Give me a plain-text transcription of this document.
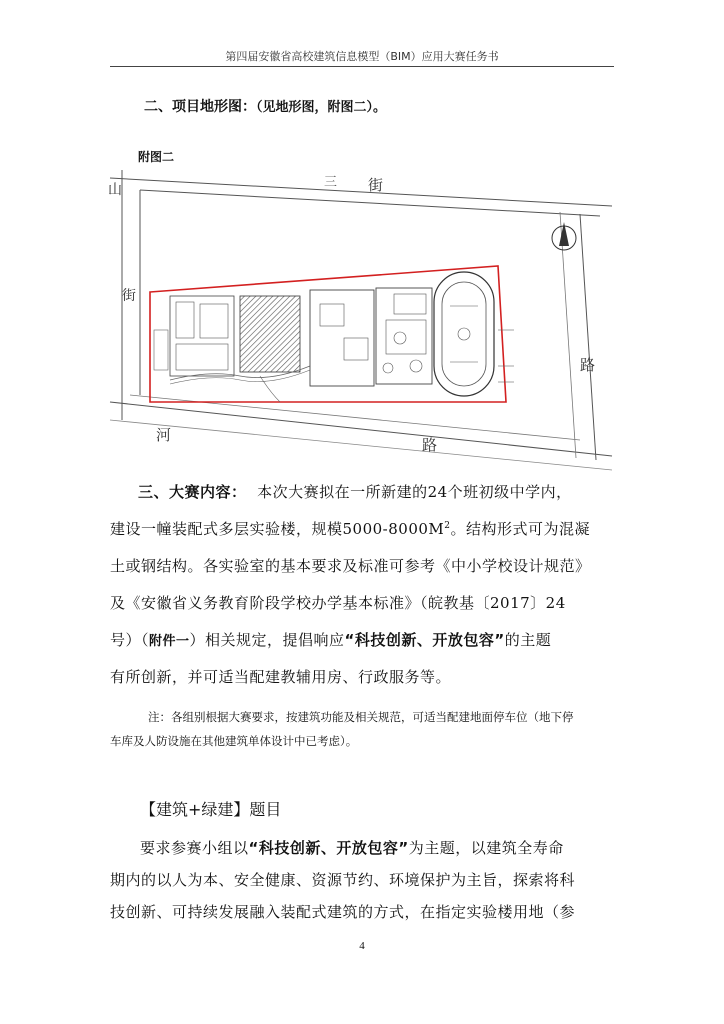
第四届安徽省高校建筑信息模型（BIM）应用大赛任务书
二、项目地形图：（见地形图，附图二）。
附图二
街
三
山
街
路
河
路
三、大赛内容： 本次大赛拟在一所新建的24个班初级中学内，
建设一幢装配式多层实验楼，规模$5000-8000M^2$。结构形式可为混凝
土或钢结构。各实验室的基本要求及标准可参考《中小学校设计规范》
及《安徽省义务教育阶段学校办学基本标准》（皖教基〔2017〕24
号）（附件一）相关规定，提倡响应“科技创新、开放包容”的主题
有所创新，并可适当配建教辅用房、行政服务等。
注：各组别根据大赛要求，按建筑功能及相关规范，可适当配建地面停车位（地下停
车库及人防设施在其他建筑单体设计中已考虑）。
【建筑+绿建】题目
要求参赛小组以“科技创新、开放包容”为主题，以建筑全寿命
期内的以人为本、安全健康、资源节约、环境保护为主旨，探索将科
技创新、可持续发展融入装配式建筑的方式，在指定实验楼用地（参
4
